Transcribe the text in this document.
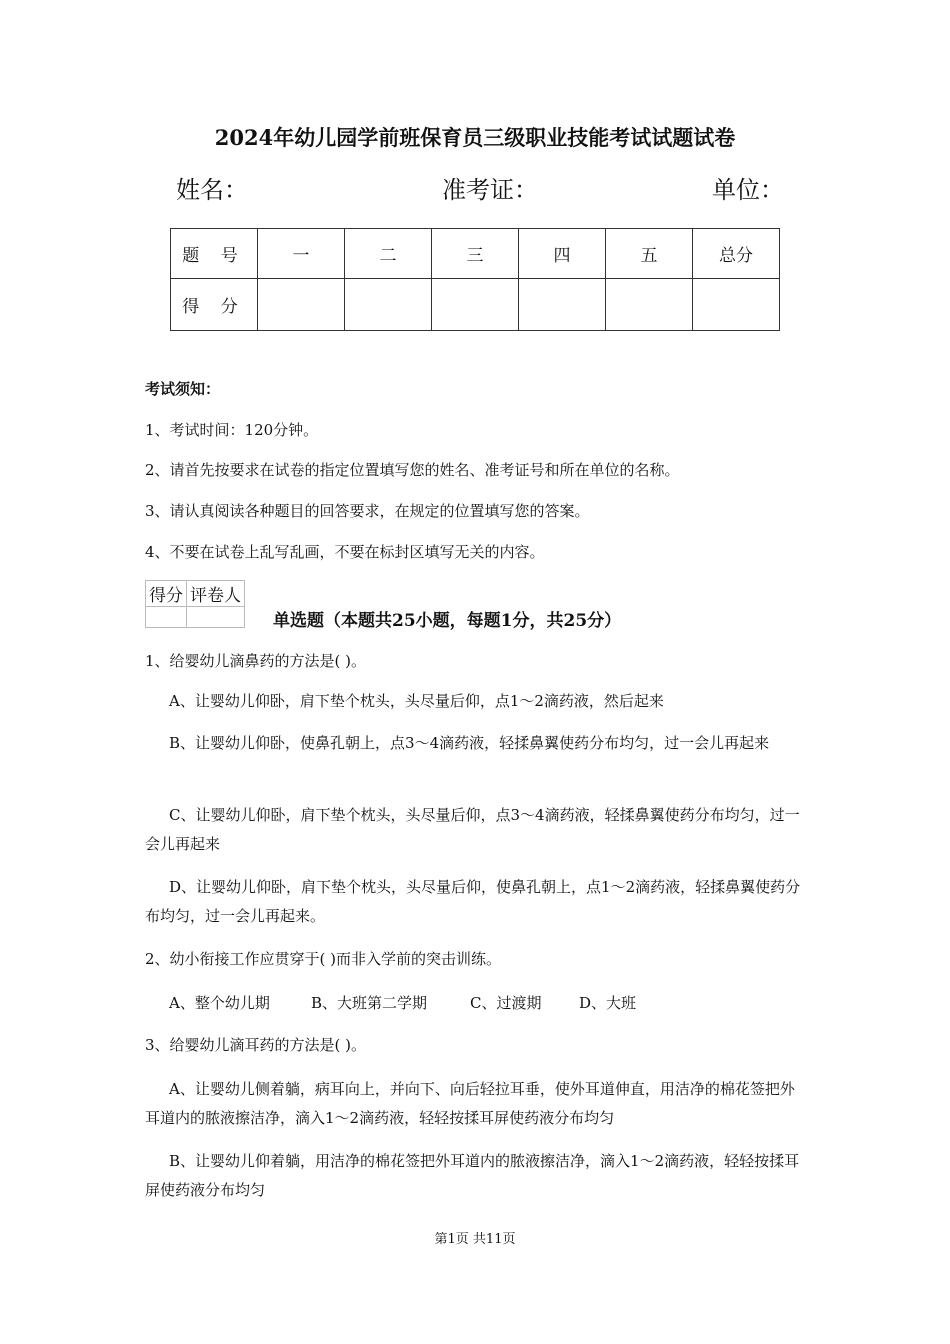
2024年幼儿园学前班保育员三级职业技能考试试题试卷
姓名：	准考证：	单位：
题 号	一	二	三	四	五	总分
得 分						
考试须知：
1、考试时间：120分钟。
2、请首先按要求在试卷的指定位置填写您的姓名、准考证号和所在单位的名称。
3、请认真阅读各种题目的回答要求，在规定的位置填写您的答案。
4、不要在试卷上乱写乱画，不要在标封区填写无关的内容。
得分	评卷人

单选题（本题共25小题，每题1分，共25分）
1、给婴幼儿滴鼻药的方法是( )。
A、让婴幼儿仰卧，肩下垫个枕头，头尽量后仰，点1～2滴药液，然后起来
B、让婴幼儿仰卧，使鼻孔朝上，点3～4滴药液，轻揉鼻翼使药分布均匀，过一会儿再起来
C、让婴幼儿仰卧，肩下垫个枕头，头尽量后仰，点3～4滴药液，轻揉鼻翼使药分布均匀，过一会儿再起来
D、让婴幼儿仰卧，肩下垫个枕头，头尽量后仰，使鼻孔朝上，点1～2滴药液，轻揉鼻翼使药分布均匀，过一会儿再起来。
2、幼小衔接工作应贯穿于( )而非入学前的突击训练。
A、整个幼儿期	B、大班第二学期	C、过渡期	D、大班
3、给婴幼儿滴耳药的方法是( )。
A、让婴幼儿侧着躺，病耳向上，并向下、向后轻拉耳垂，使外耳道伸直，用洁净的棉花签把外耳道内的脓液擦洁净，滴入1～2滴药液，轻轻按揉耳屏使药液分布均匀
B、让婴幼儿仰着躺，用洁净的棉花签把外耳道内的脓液擦洁净，滴入1～2滴药液，轻轻按揉耳屏使药液分布均匀
第1页 共11页
